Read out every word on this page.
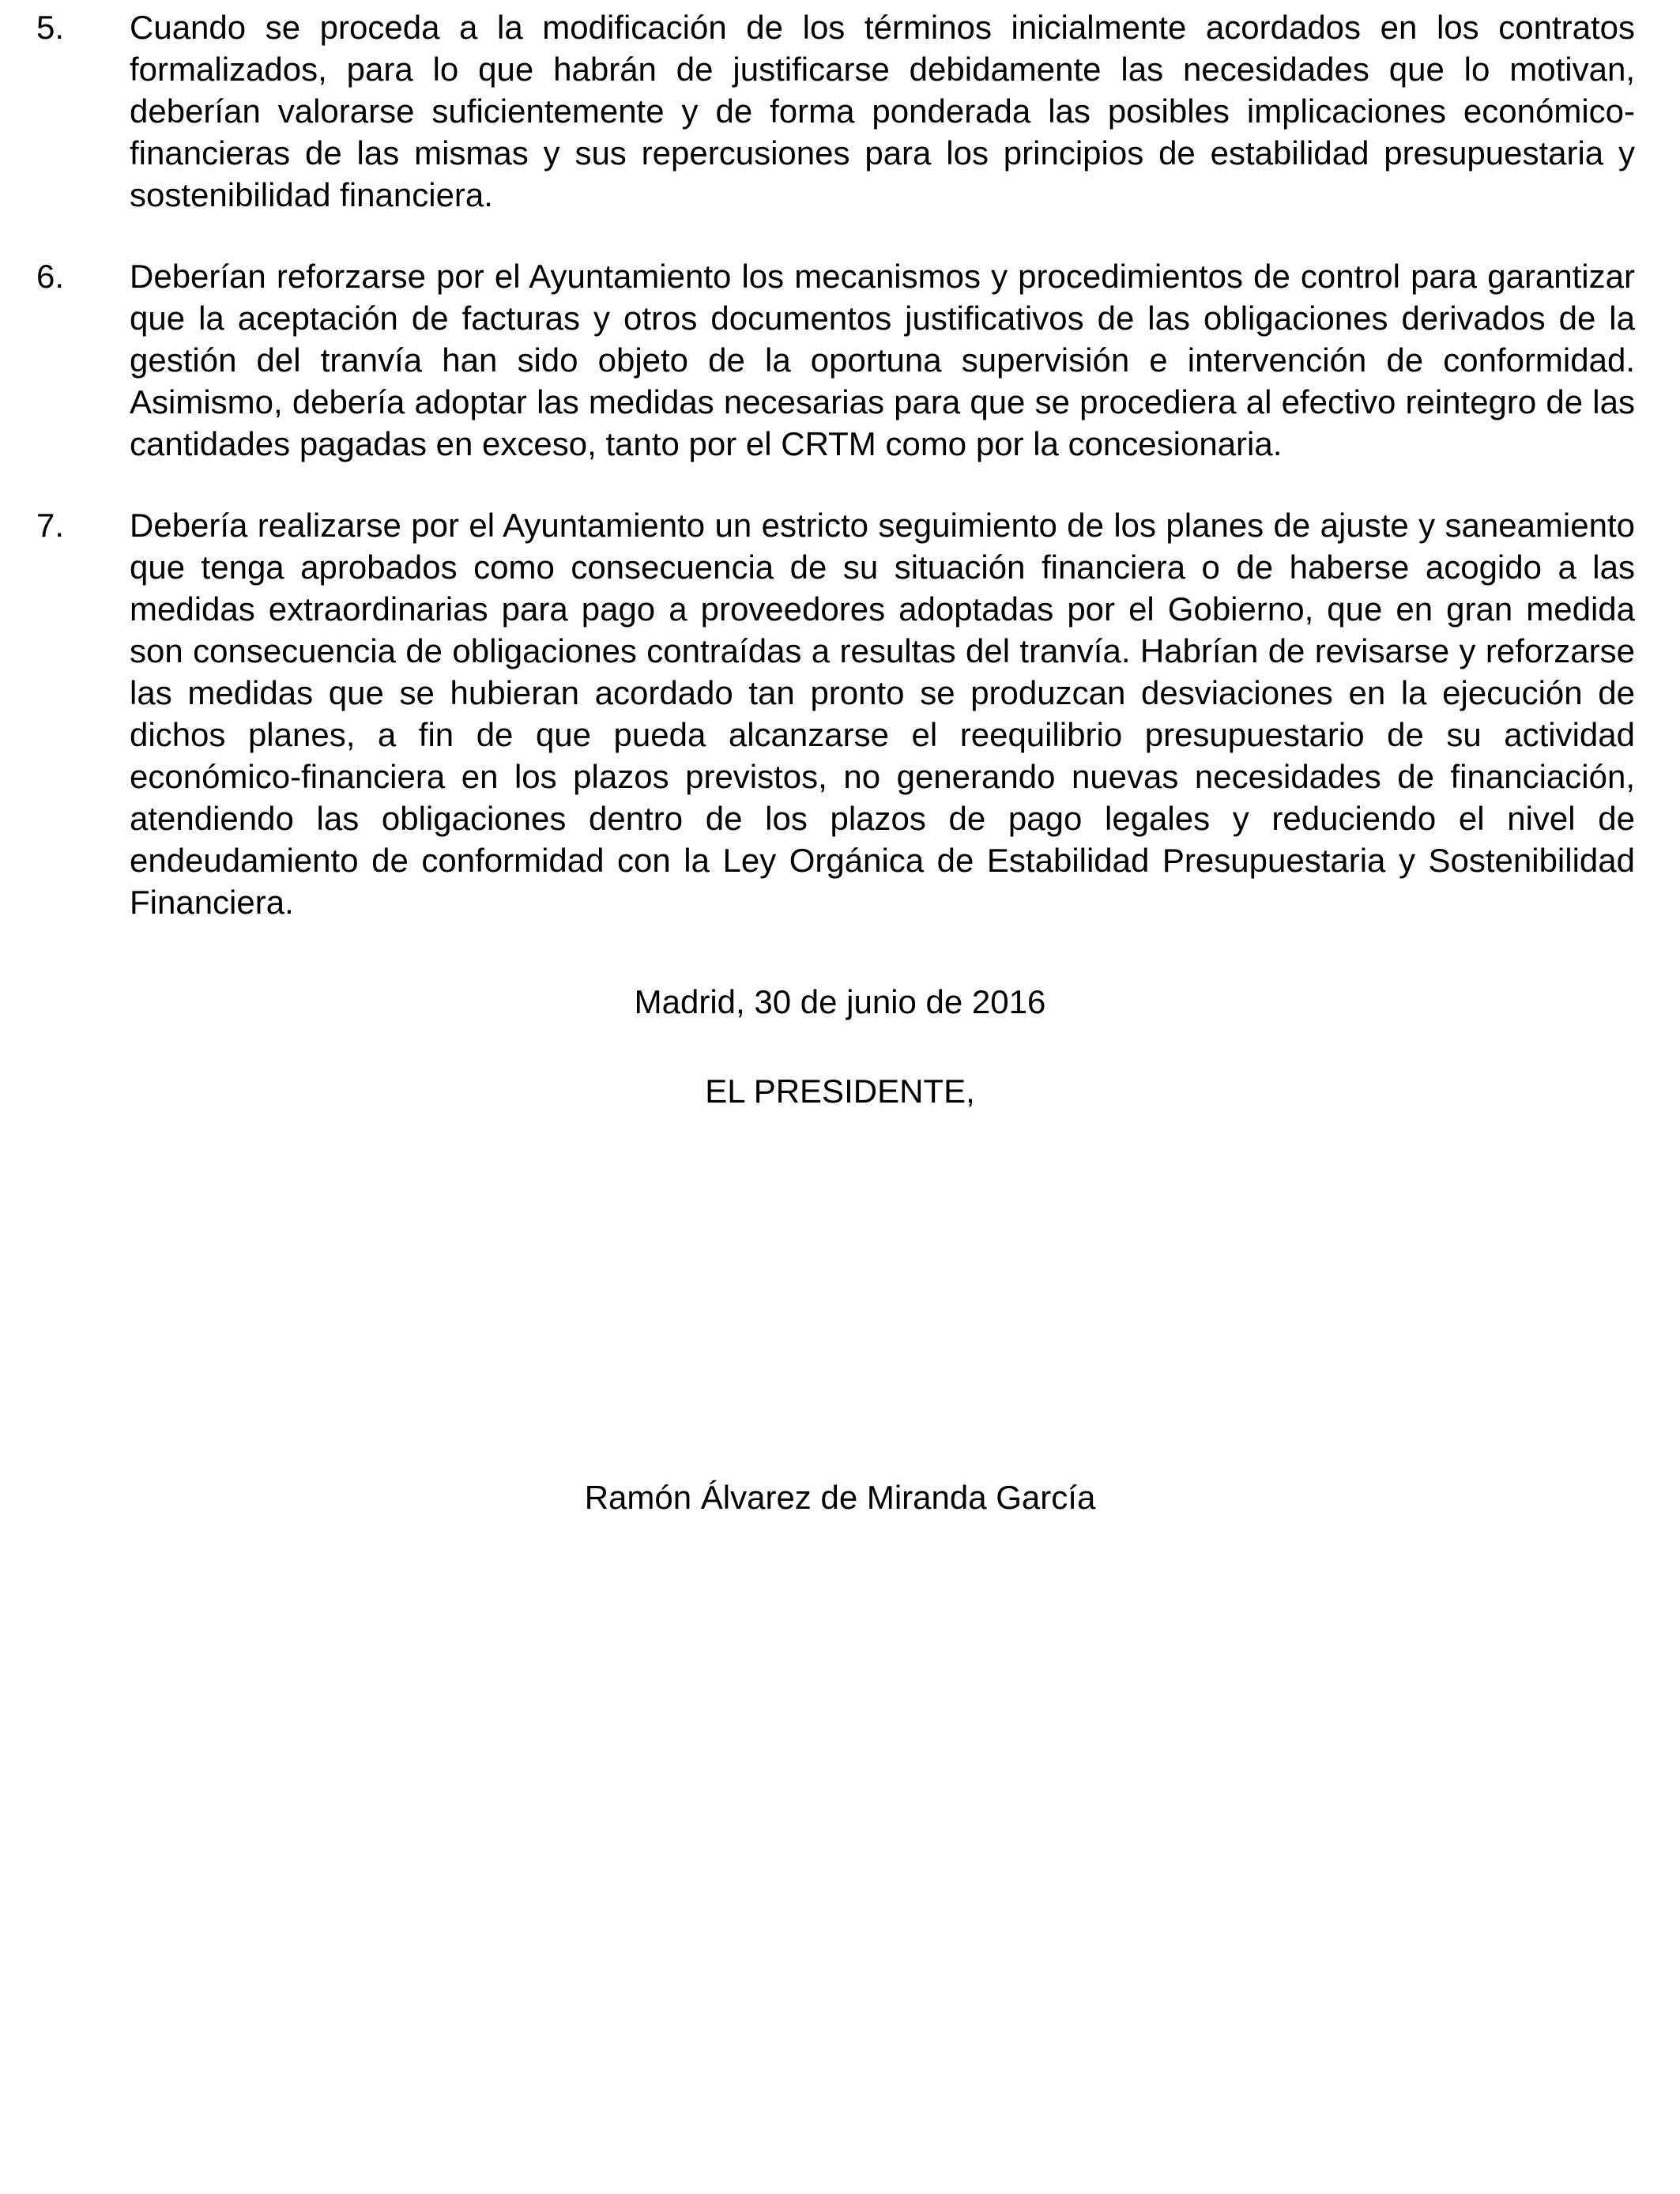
5.	Cuando se proceda a la modificación de los términos inicialmente acordados en los contratos formalizados, para lo que habrán de justificarse debidamente las necesidades que lo motivan, deberían valorarse suficientemente y de forma ponderada las posibles implicaciones económico-financieras de las mismas y sus repercusiones para los principios de estabilidad presupuestaria y sostenibilidad financiera.
6.	Deberían reforzarse por el Ayuntamiento los mecanismos y procedimientos de control para garantizar que la aceptación de facturas y otros documentos justificativos de las obligaciones derivados de la gestión del tranvía han sido objeto de la oportuna supervisión e intervención de conformidad. Asimismo, debería adoptar las medidas necesarias para que se procediera al efectivo reintegro de las cantidades pagadas en exceso, tanto por el CRTM como por la concesionaria.
7.	Debería realizarse por el Ayuntamiento un estricto seguimiento de los planes de ajuste y saneamiento que tenga aprobados como consecuencia de su situación financiera o de haberse acogido a las medidas extraordinarias para pago a proveedores adoptadas por el Gobierno, que en gran medida son consecuencia de obligaciones contraídas a resultas del tranvía. Habrían de revisarse y reforzarse las medidas que se hubieran acordado tan pronto se produzcan desviaciones en la ejecución de dichos planes, a fin de que pueda alcanzarse el reequilibrio presupuestario de su actividad económico-financiera en los plazos previstos, no generando nuevas necesidades de financiación, atendiendo las obligaciones dentro de los plazos de pago legales y reduciendo el nivel de endeudamiento de conformidad con la Ley Orgánica de Estabilidad Presupuestaria y Sostenibilidad Financiera.
Madrid, 30 de junio de 2016
EL PRESIDENTE,
Ramón Álvarez de Miranda García
